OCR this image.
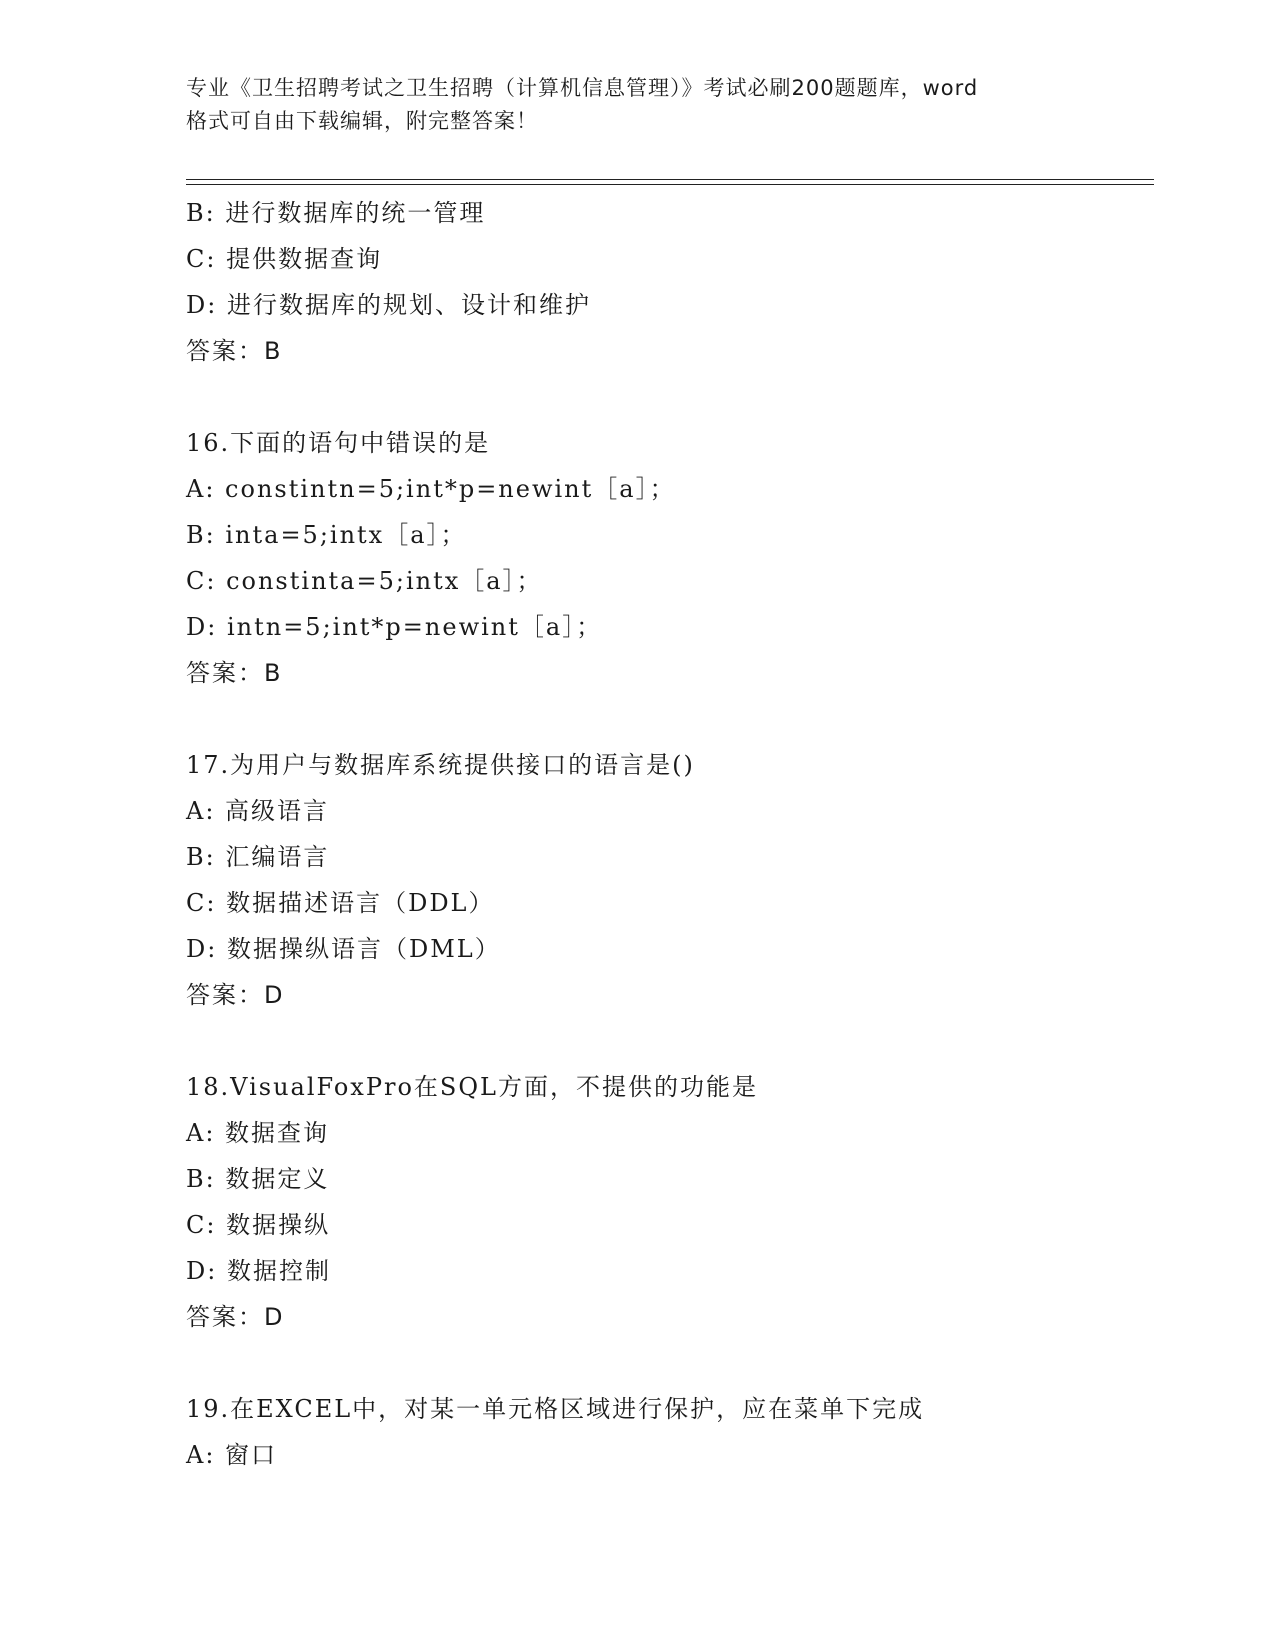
专业《卫生招聘考试之卫生招聘（计算机信息管理）》考试必刷200题题库，word

格式可自由下载编辑，附完整答案！

B: 进行数据库的统一管理
C: 提供数据查询
D: 进行数据库的规划、设计和维护
答案：B
16.下面的语句中错误的是
A: constintn=5;int*p=newint［a］；
B: inta=5;intx［a］；
C: constinta=5;intx［a］；
D: intn=5;int*p=newint［a］；
答案：B
17.为用户与数据库系统提供接口的语言是()
A: 高级语言
B: 汇编语言
C: 数据描述语言（DDL）
D: 数据操纵语言（DML）
答案：D
18.VisualFoxPro在SQL方面，不提供的功能是
A: 数据查询
B: 数据定义
C: 数据操纵
D: 数据控制
答案：D
19.在EXCEL中，对某一单元格区域进行保护，应在菜单下完成
A: 窗口
